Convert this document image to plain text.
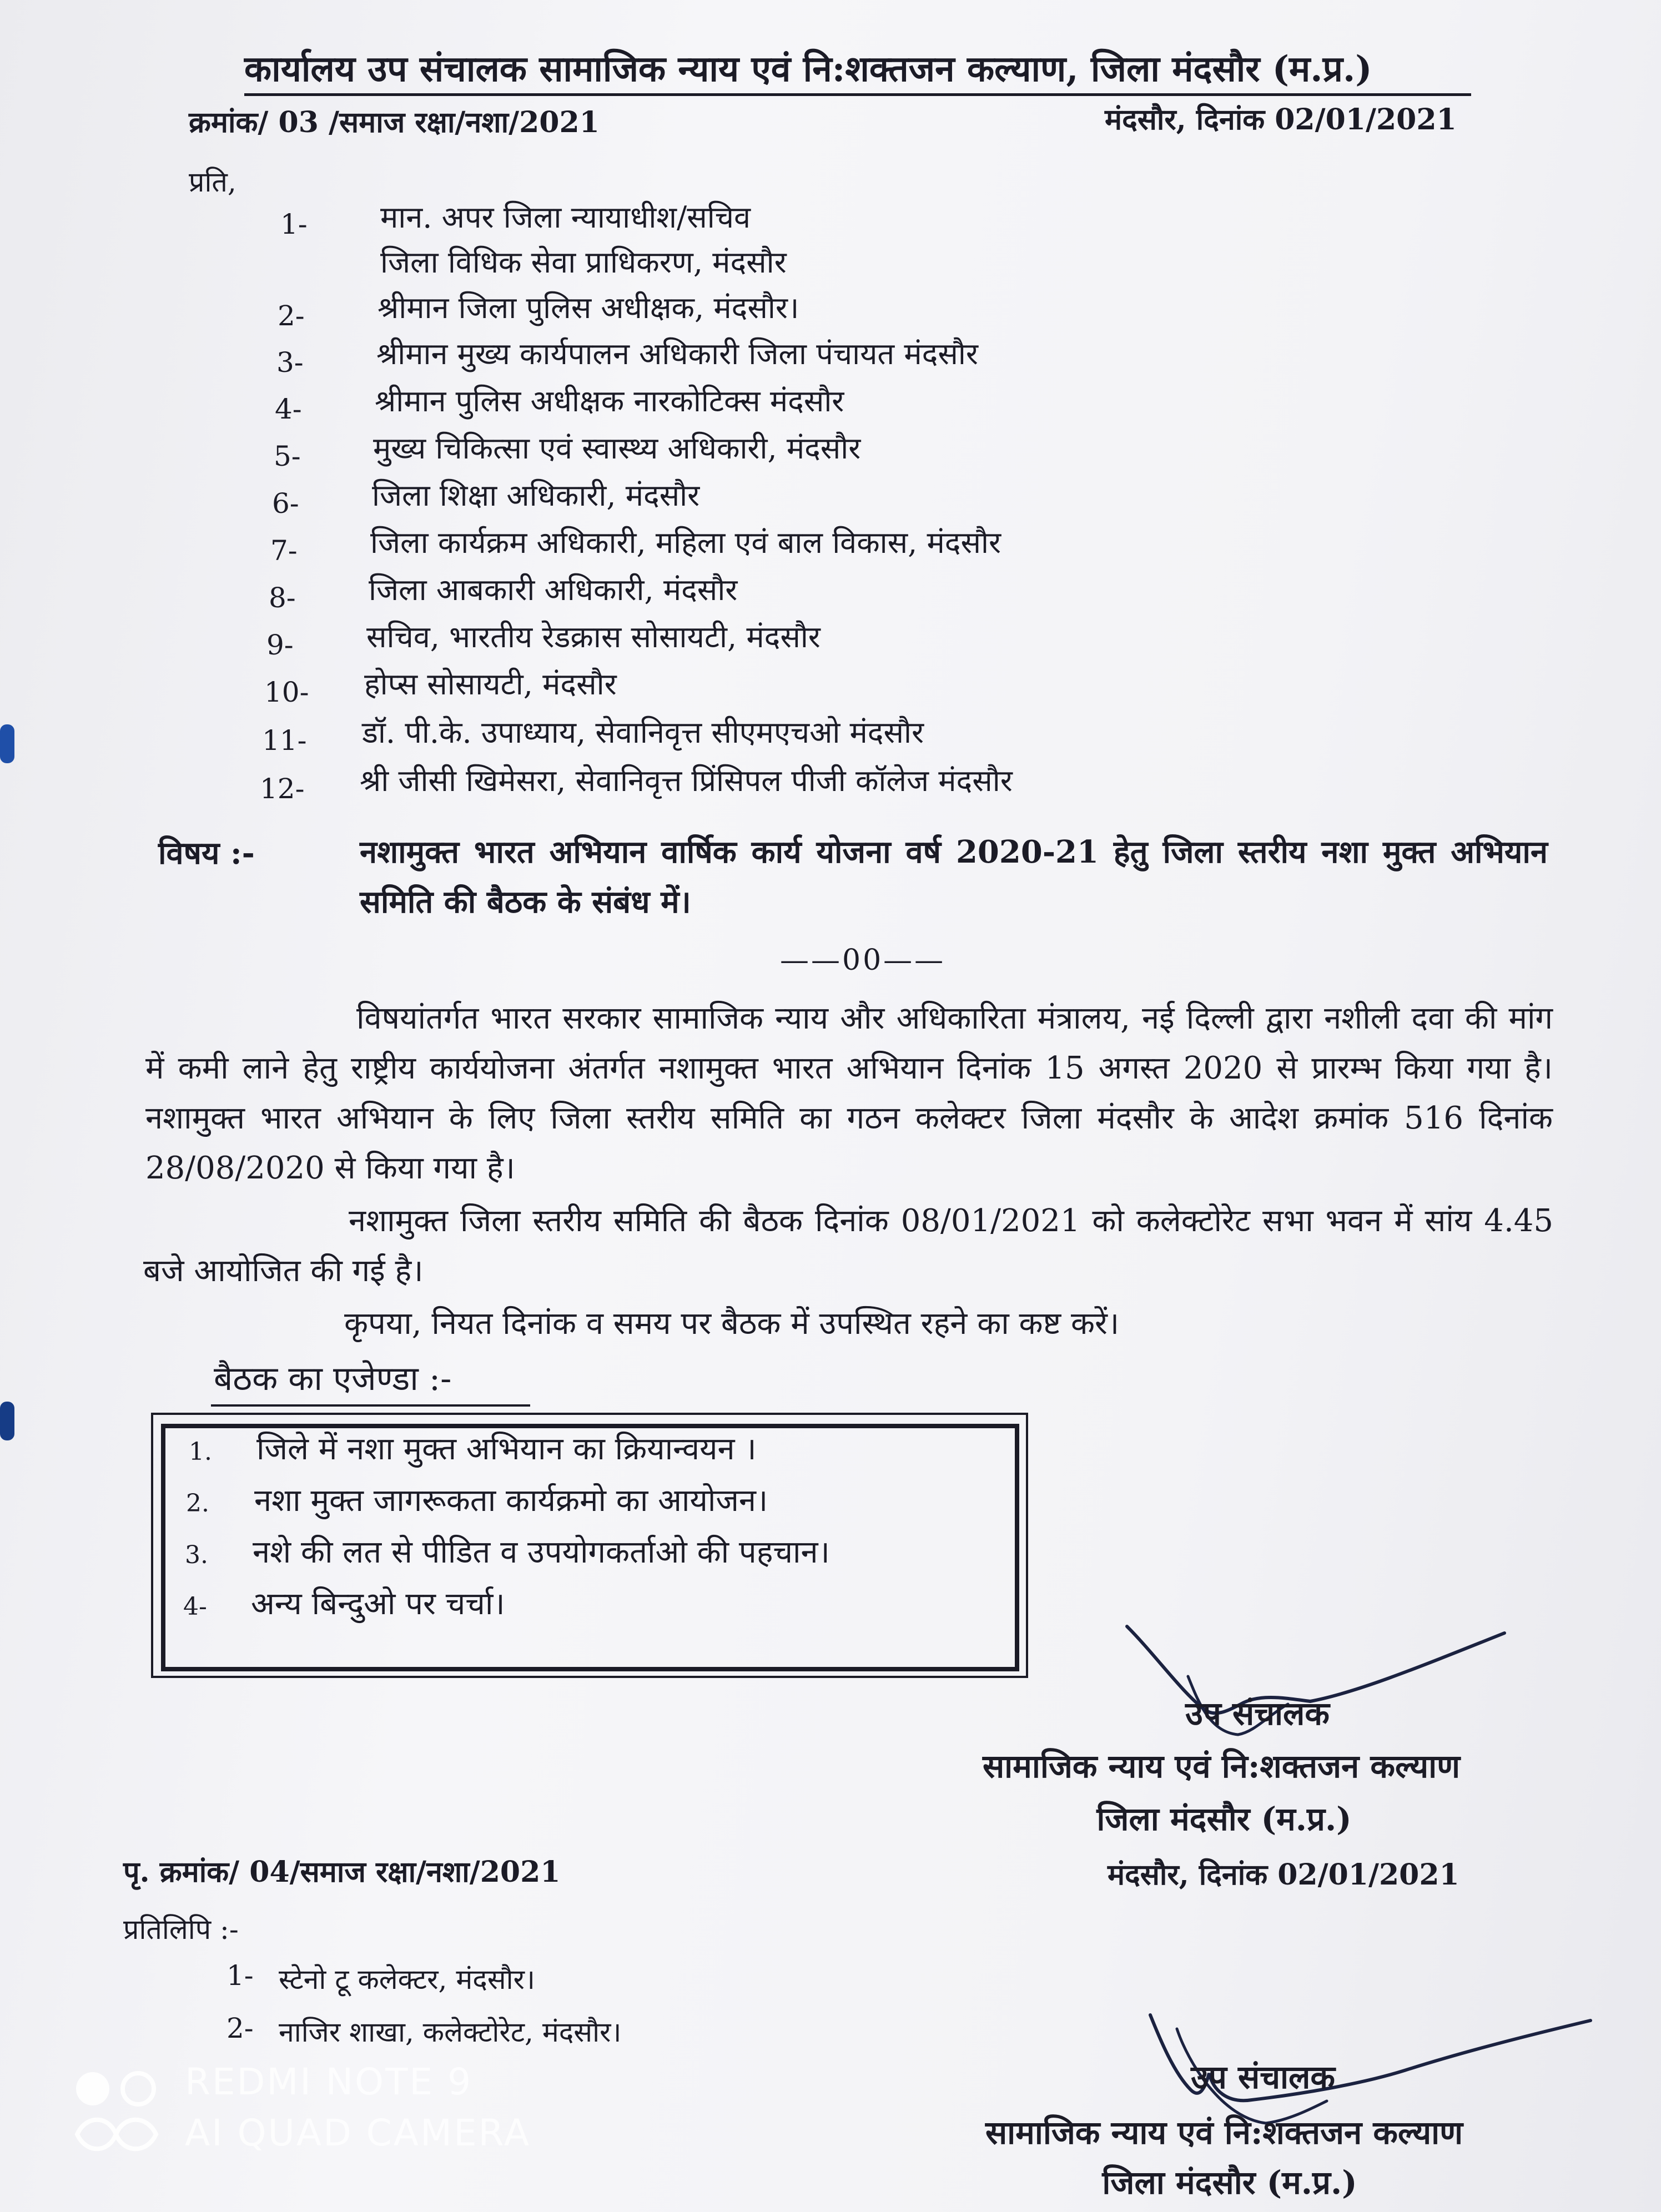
कार्यालय उप संचालक सामाजिक न्याय एवं नि:शक्तजन कल्याण, जिला मंदसौर (म.प्र.)
क्रमांक/ 03 /समाज रक्षा/नशा/2021	मंदसौर, दिनांक 02/01/2021
प्रति,
1-	मान. अपर जिला न्यायाधीश/सचिव
जिला विधिक सेवा प्राधिकरण, मंदसौर
2-	श्रीमान जिला पुलिस अधीक्षक, मंदसौर।
3-	श्रीमान मुख्य कार्यपालन अधिकारी जिला पंचायत मंदसौर
4-	श्रीमान पुलिस अधीक्षक नारकोटिक्स मंदसौर
5-	मुख्य चिकित्सा एवं स्वास्थ्य अधिकारी, मंदसौर
6-	जिला शिक्षा अधिकारी, मंदसौर
7-	जिला कार्यक्रम अधिकारी, महिला एवं बाल विकास, मंदसौर
8-	जिला आबकारी अधिकारी, मंदसौर
9-	सचिव, भारतीय रेडक्रास सोसायटी, मंदसौर
10-	होप्स सोसायटी, मंदसौर
11-	डॉ. पी.के. उपाध्याय, सेवानिवृत्त सीएमएचओ मंदसौर
12-	श्री जीसी खिमेसरा, सेवानिवृत्त प्रिंसिपल पीजी कॉलेज मंदसौर
विषय :-	नशामुक्त भारत अभियान वार्षिक कार्य योजना वर्ष 2020-21 हेतु जिला स्तरीय नशा मुक्त अभियान समिति की बैठक के संबंध में।
——00——
विषयांतर्गत भारत सरकार सामाजिक न्याय और अधिकारिता मंत्रालय, नई दिल्ली द्वारा नशीली दवा की मांग में कमी लाने हेतु राष्ट्रीय कार्ययोजना अंतर्गत नशामुक्त भारत अभियान दिनांक 15 अगस्त 2020 से प्रारम्भ किया गया है। नशामुक्त भारत अभियान के लिए जिला स्तरीय समिति का गठन कलेक्टर जिला मंदसौर के आदेश क्रमांक 516 दिनांक 28/08/2020 से किया गया है।
नशामुक्त जिला स्तरीय समिति की बैठक दिनांक 08/01/2021 को कलेक्टोरेट सभा भवन में सांय 4.45 बजे आयोजित की गई है।
कृपया, नियत दिनांक व समय पर बैठक में उपस्थित रहने का कष्ट करें।
बैठक का एजेण्डा :-
1. जिले में नशा मुक्त अभियान का क्रियान्वयन ।
2. नशा मुक्त जागरूकता कार्यक्रमो का आयोजन।
3. नशे की लत से पीडित व उपयोगकर्ताओ की पहचान।
4- अन्य बिन्दुओ पर चर्चा।
उप संचालक
सामाजिक न्याय एवं नि:शक्तजन कल्याण
जिला मंदसौर (म.प्र.)
पृ. क्रमांक/ 04/समाज रक्षा/नशा/2021	मंदसौर, दिनांक 02/01/2021
प्रतिलिपि :-
1- स्टेनो टू कलेक्टर, मंदसौर।
2- नाजिर शाखा, कलेक्टोरेट, मंदसौर।
उप संचालक
सामाजिक न्याय एवं नि:शक्तजन कल्याण
जिला मंदसौर (म.प्र.)
REDMI NOTE 9
AI QUAD CAMERA
